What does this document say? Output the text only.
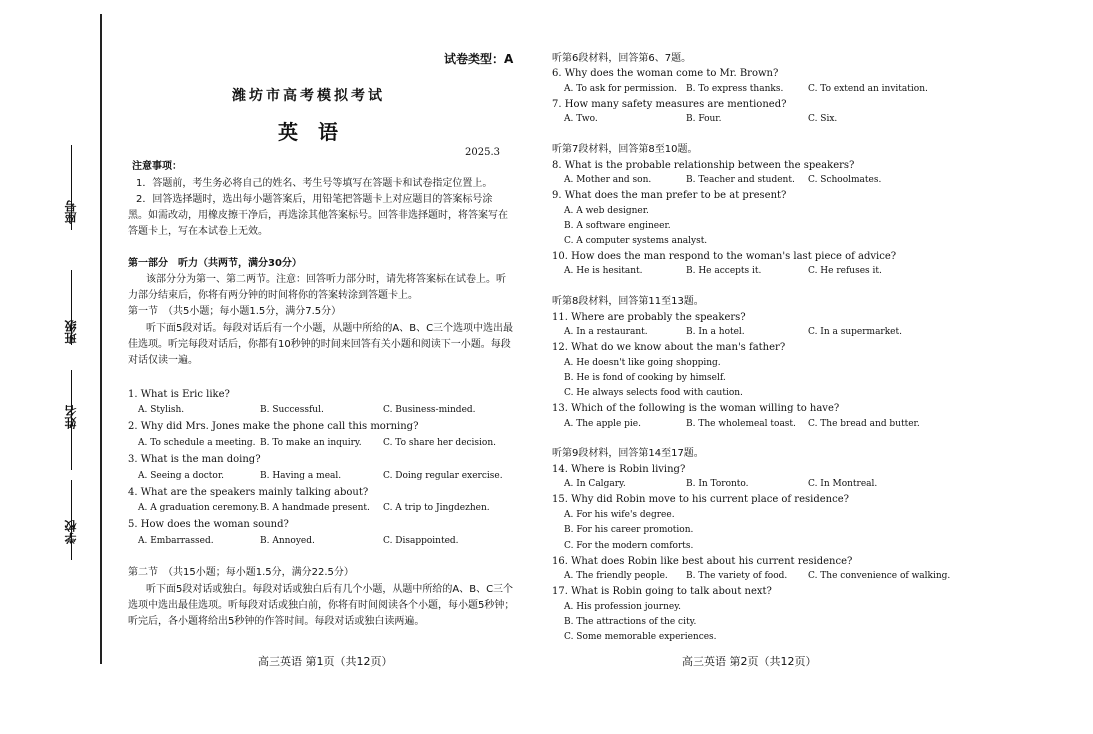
座号
班级
姓名
学校
试卷类型：A
潍坊市高考模拟考试
英　语
2025.3
注意事项：
1．答题前，考生务必将自己的姓名、考生号等填写在答题卡和试卷指定位置上。
2．回答选择题时，选出每小题答案后，用铅笔把答题卡上对应题目的答案标号涂
黑。如需改动，用橡皮擦干净后，再选涂其他答案标号。回答非选择题时，将答案写在
答题卡上，写在本试卷上无效。
第一部分　听力（共两节，满分30分）
该部分分为第一、第二两节。注意：回答听力部分时，请先将答案标在试卷上。听
力部分结束后，你将有两分钟的时间将你的答案转涂到答题卡上。
第一节　（共5小题；每小题1.5分，满分7.5分）
听下面5段对话。每段对话后有一个小题，从题中所给的A、B、C三个选项中选出最
佳选项。听完每段对话后，你都有10秒钟的时间来回答有关小题和阅读下一小题。每段
对话仅读一遍。
1. What is Eric like?
A. Stylish.	B. Successful.	C. Business-minded.
2. Why did Mrs. Jones make the phone call this morning?
A. To schedule a meeting. B. To make an inquiry. C. To share her decision.
3. What is the man doing?
A. Seeing a doctor.	B. Having a meal.	C. Doing regular exercise.
4. What are the speakers mainly talking about?
A. A graduation ceremony. B. A handmade present. C. A trip to Jingdezhen.
5. How does the woman sound?
A. Embarrassed.	B. Annoyed.	C. Disappointed.
第二节　（共15小题；每小题1.5分，满分22.5分）
听下面5段对话或独白。每段对话或独白后有几个小题，从题中所给的A、B、C三个
选项中选出最佳选项。听每段对话或独白前，你将有时间阅读各个小题，每小题5秒钟；
听完后，各小题将给出5秒钟的作答时间。每段对话或独白读两遍。
高三英语 第1页（共12页）
听第6段材料，回答第6、7题。
6. Why does the woman come to Mr. Brown?
A. To ask for permission. B. To express thanks.	C. To extend an invitation.
7. How many safety measures are mentioned?
A. Two.	B. Four.	C. Six.
听第7段材料，回答第8至10题。
8. What is the probable relationship between the speakers?
A. Mother and son.	B. Teacher and student. C. Schoolmates.
9. What does the man prefer to be at present?
A. A web designer.
B. A software engineer.
C. A computer systems analyst.
10. How does the man respond to the woman's last piece of advice?
A. He is hesitant.	B. He accepts it.	C. He refuses it.
听第8段材料，回答第11至13题。
11. Where are probably the speakers?
A. In a restaurant.	B. In a hotel.	C. In a supermarket.
12. What do we know about the man's father?
A. He doesn't like going shopping.
B. He is fond of cooking by himself.
C. He always selects food with caution.
13. Which of the following is the woman willing to have?
A. The apple pie.	B. The wholemeal toast. C. The bread and butter.
听第9段材料，回答第14至17题。
14. Where is Robin living?
A. In Calgary.	B. In Toronto.	C. In Montreal.
15. Why did Robin move to his current place of residence?
A. For his wife's degree.
B. For his career promotion.
C. For the modern comforts.
16. What does Robin like best about his current residence?
A. The friendly people. B. The variety of food. C. The convenience of walking.
17. What is Robin going to talk about next?
A. His profession journey.
B. The attractions of the city.
C. Some memorable experiences.
高三英语 第2页（共12页）
